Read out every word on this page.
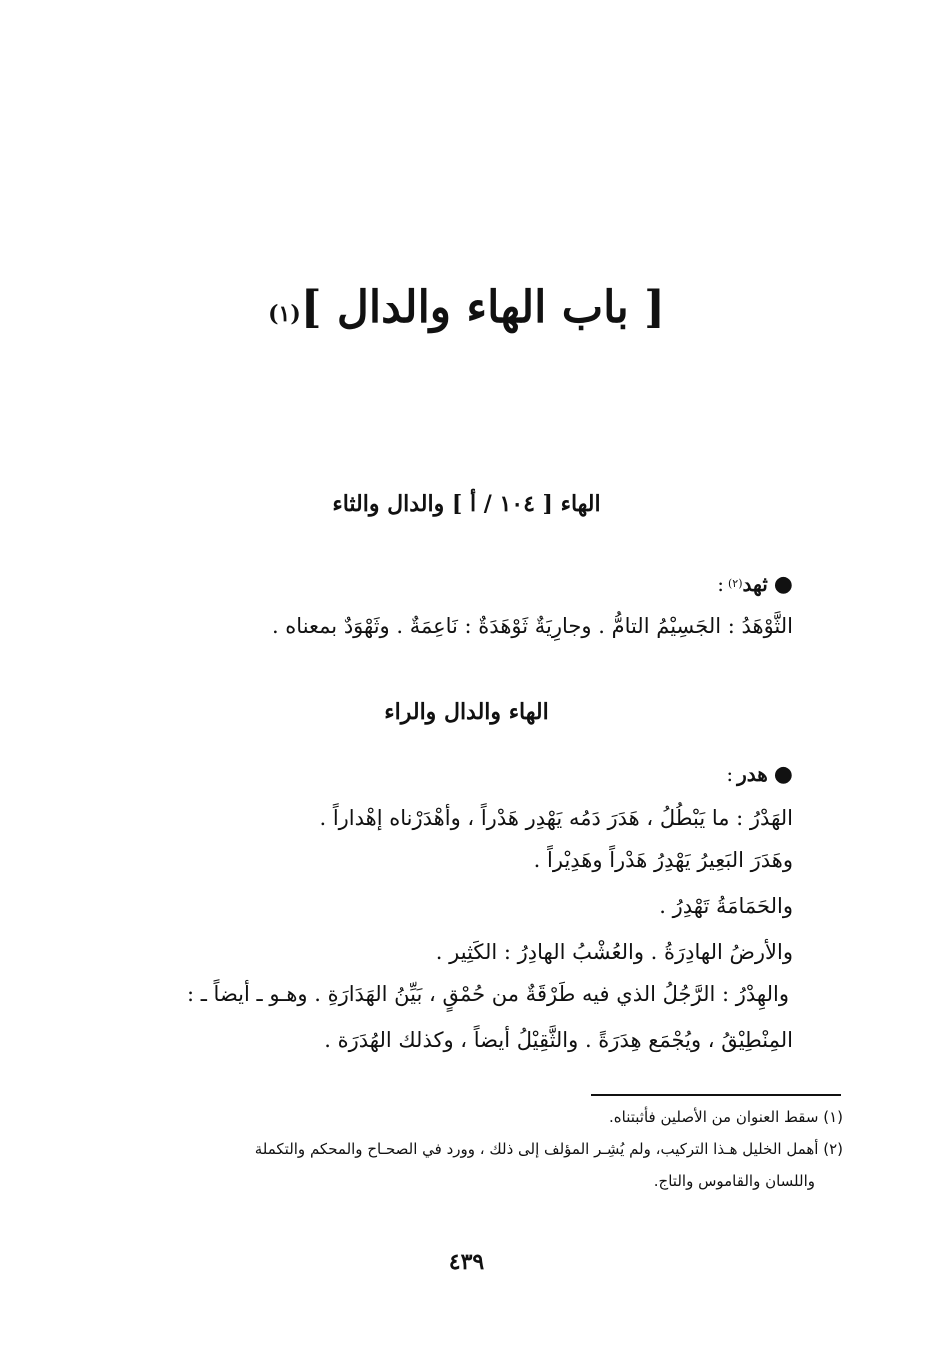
[ باب الهاء والدال ]$^{(١)}$
الهاء [ ١٠٤ / أ ] والدال والثاء
●ثهد$^{(٢)}$:
الثَّوْهَدُ : الجَسِيْمُ التامُّ . وجارِيَةٌ ثَوْهَدَةٌ : نَاعِمَةٌ . وثَهْوَدٌ بمعناه .
الهاء والدال والراء
●هدر:
الهَدْرُ : ما يَبْطُلُ ، هَدَرَ دَمُه يَهْدِر هَدْراً ، وأهْدَرْناه إهْداراً .
وهَدَرَ البَعِيرُ يَهْدِرُ هَدْراً وهَدِيْراً .
والحَمَامَةُ تَهْدِرُ .
والأرضُ الهادِرَةُ . والعُشْبُ الهادِرُ : الكَثِير .
والهِدْرُ : الرَّجُلُ الذي فيه طَرْقَةٌ من حُمْقٍ ، بَيِّنُ الهَدَارَةِ . وهـو ـ أيضاً ـ :
المِنْطِيْقُ ، ويُجْمَع هِدَرَةً . والثَّقِيْلُ أيضاً ، وكذلك الهُدَرَة .
(١) سقط العنوان من الأصلين فأثبتناه.
(٢) أهمل الخليل هـذا التركيب، ولم يُشِـر المؤلف إلى ذلك ، وورد في الصحـاح والمحكم والتكملة
واللسان والقاموس والتاج.
٤٣٩
